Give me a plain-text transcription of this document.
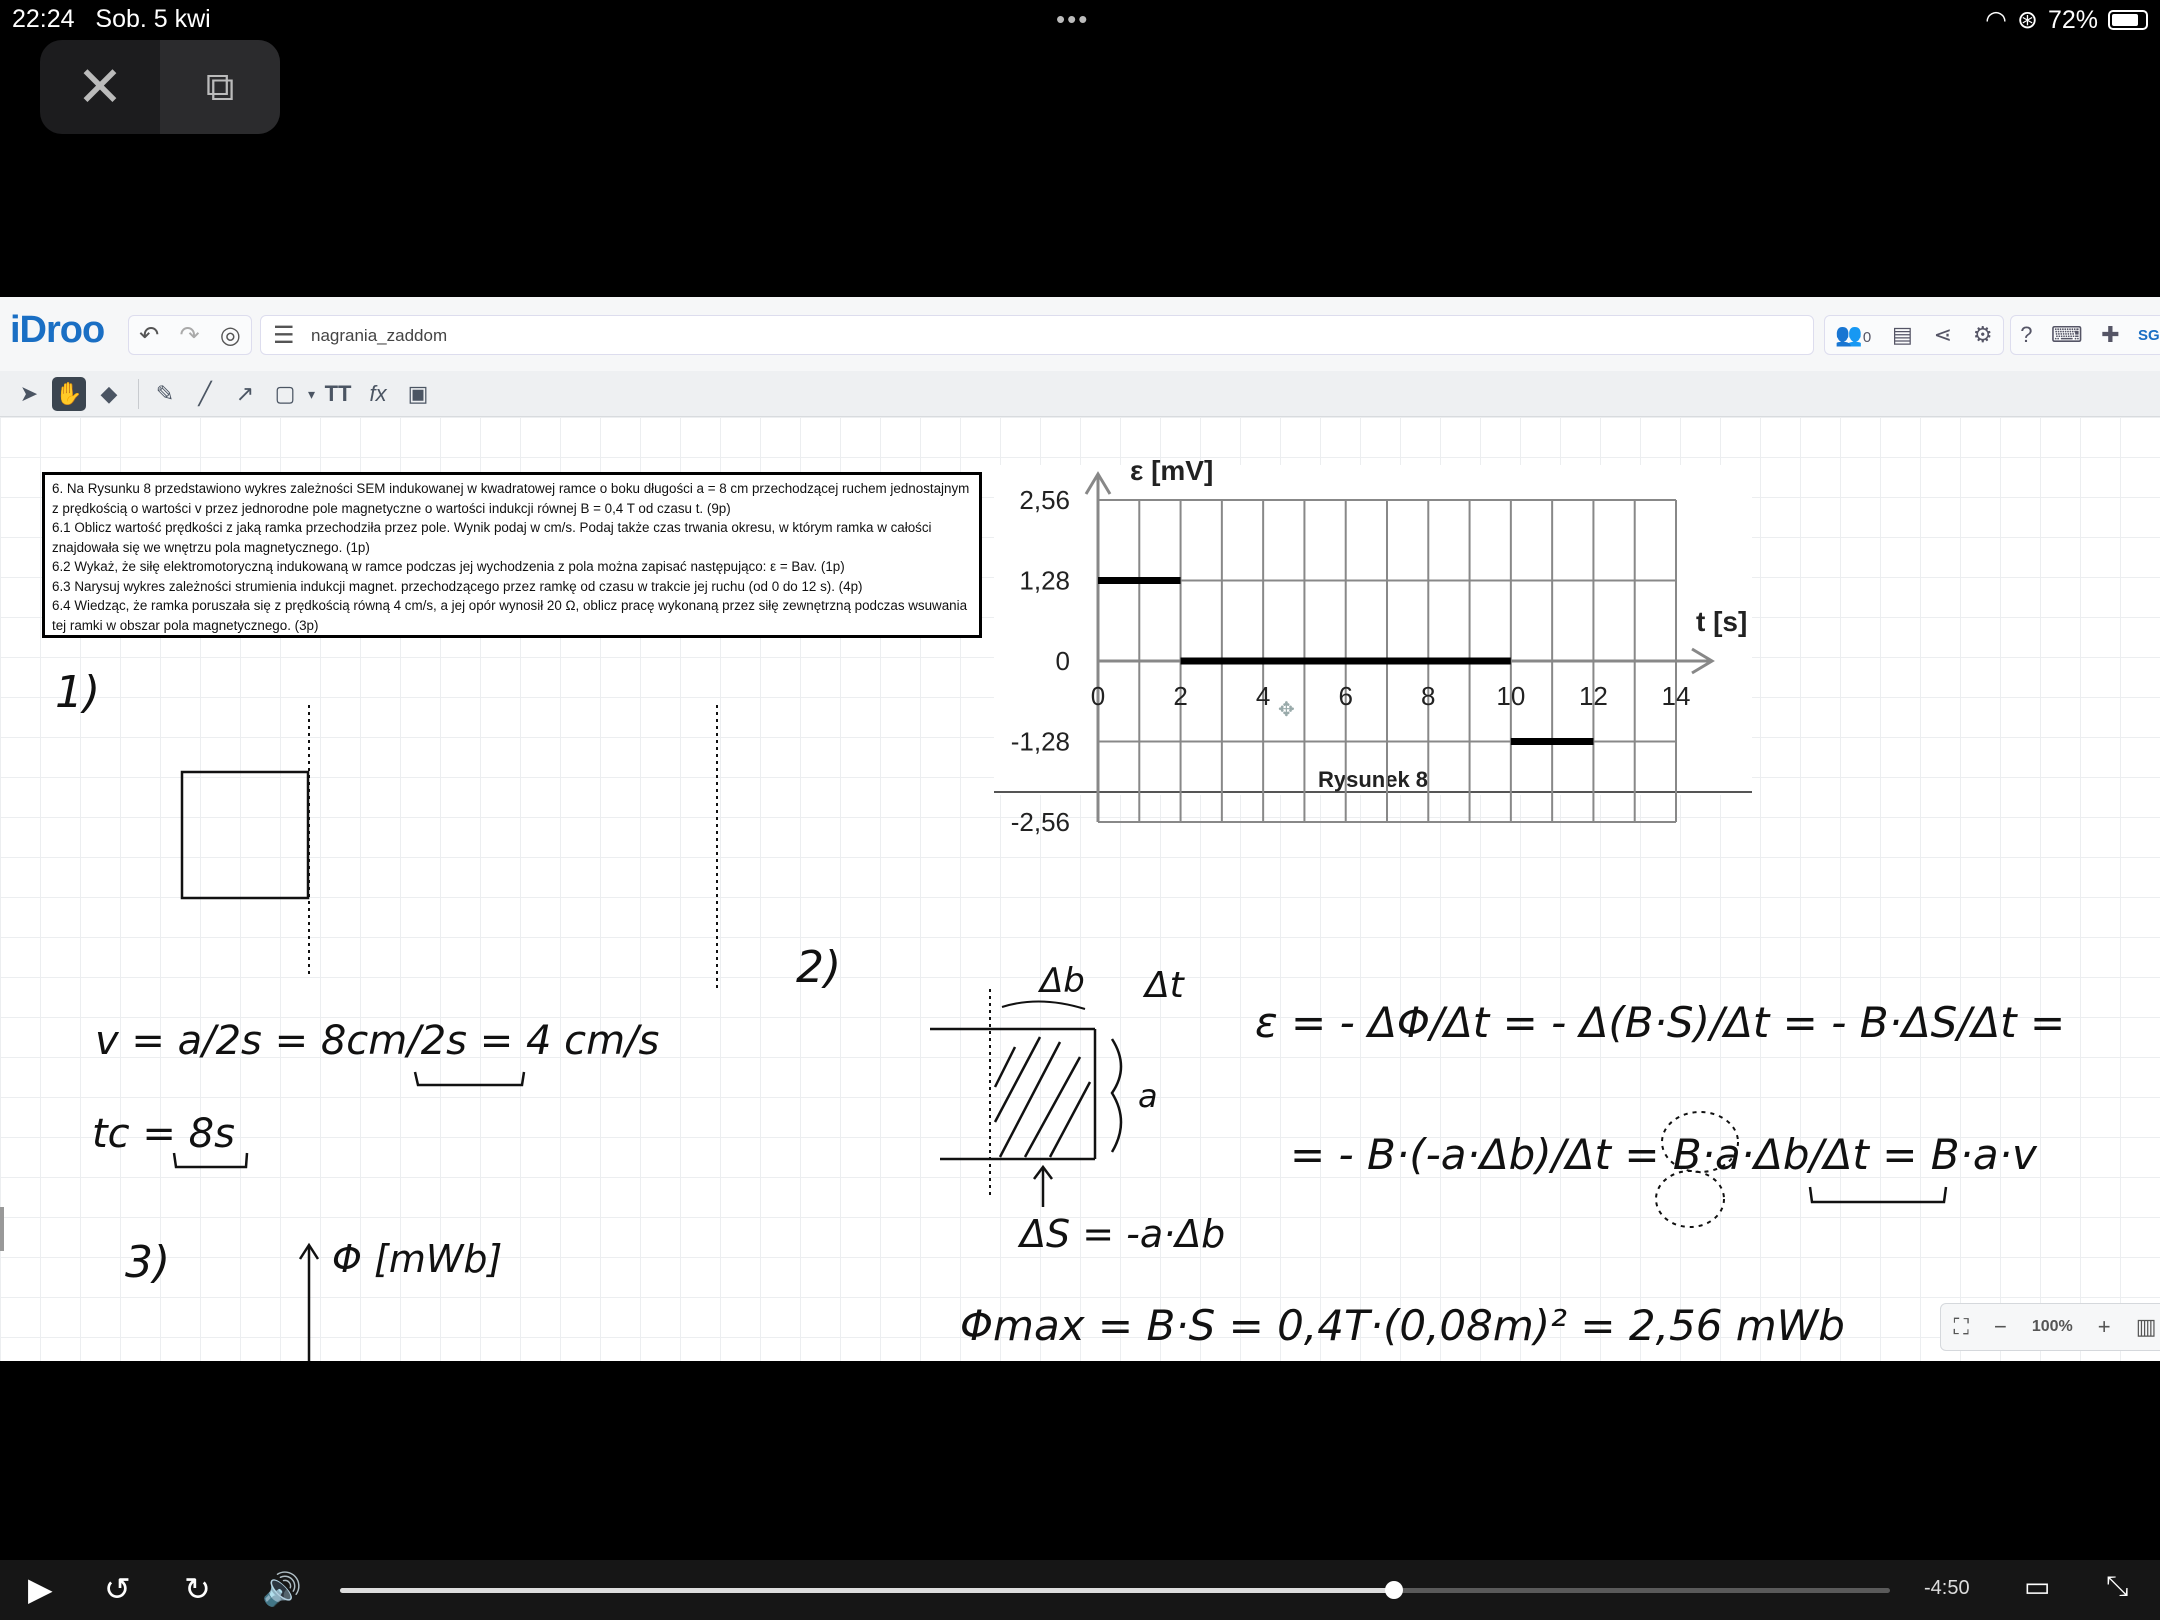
22:24 Sob. 5 kwi	•••	◠ ⊛ 72%
✕ ⧉
iDroo ↶ ↷ ◎ ☰ nagrania_zaddom	👥0 ▤ ⋖ ⚙ ? ⌨ ✚ SG
➤ ✋ ◆	✎	╱	↗ ▢ ▾ TT fx ▣
6. Na Rysunku 8 przedstawiono wykres zależności SEM indukowanej w kwadratowej ramce o boku długości a = 8 cm przechodzącej ruchem jednostajnym z prędkością o wartości v przez jednorodne pole magnetyczne o wartości indukcji równej B = 0,4 T od czasu t. (9p)
6.1 Oblicz wartość prędkości z jaką ramka przechodziła przez pole. Wynik podaj w cm/s. Podaj także czas trwania okresu, w którym ramka w całości znajdowała się we wnętrzu pola magnetycznego. (1p)
6.2 Wykaż, że siłę elektromotoryczną indukowaną w ramce podczas jej wychodzenia z pola można zapisać następująco: ε = Bav. (1p)
6.3 Narysuj wykres zależności strumienia indukcji magnet. przechodzącego przez ramkę od czasu w trakcie jej ruchu (od 0 do 12 s). (4p)
6.4 Wiedząc, że ramka poruszała się z prędkością równą 4 cm/s, a jej opór wynosił 20 Ω, oblicz pracę wykonaną przez siłę zewnętrzną podczas wsuwania tej ramki w obszar pola magnetycznego. (3p)
Rysunek 8
2,56
1,28
0
-1,28
-2,56
0	2	4	6	8 10 12 14
ε [mV]
t [s]
1)
2)
3)
v = a/2s = 8cm/2s = 4 cm/s
tc = 8s
Φ [mWb]
Δb Δt
a
ΔS = -a·Δb
ε = - ΔΦ/Δt = - Δ(B·S)/Δt = - B·ΔS/Δt =
= - B·(-a·Δb)/Δt = B·a·Δb/Δt = B·a·v
Φmax = B·S = 0,4T·(0,08m)² = 2,56 mWb
✥
⛶ − 100% + ▥
▶ ↺ ↻ 🔊	-4:50 ▭ ⤡
